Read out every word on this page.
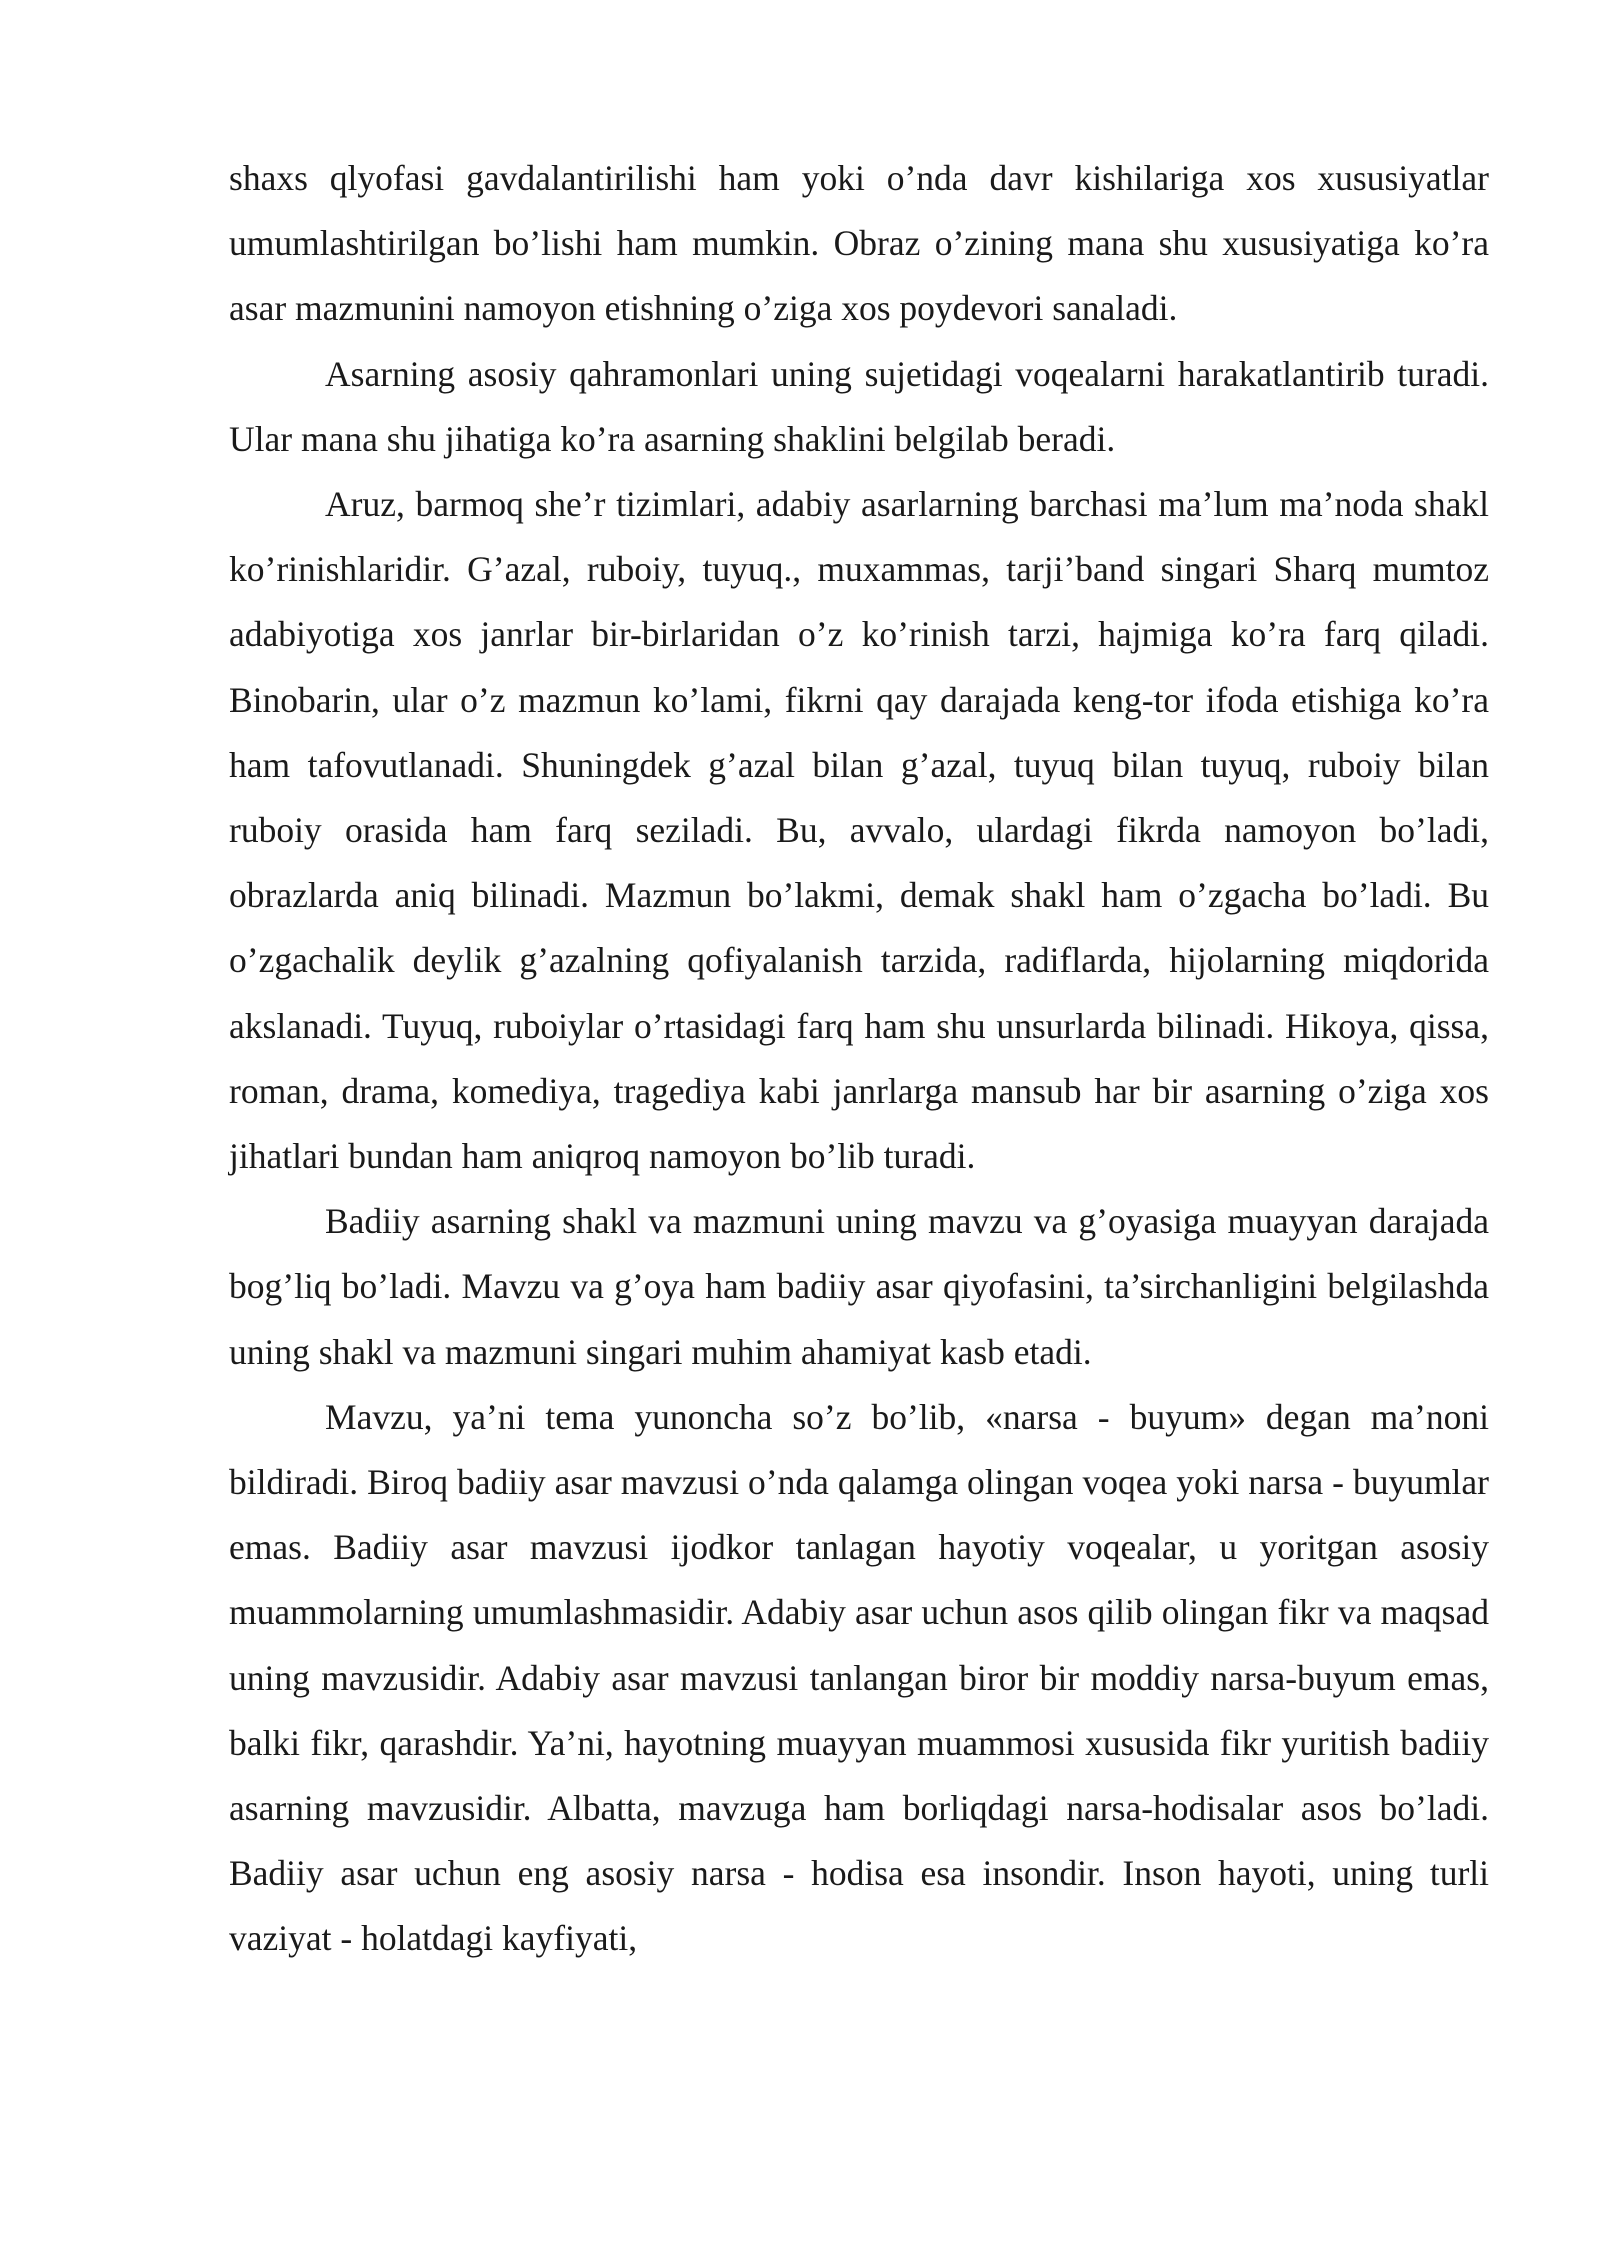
shaxs qlyofasi gavdalantirilishi ham yoki o’nda davr kishilariga xos xususiyatlar umumlashtirilgan bo’lishi ham mumkin. Obraz o’zining mana shu xususiyatiga ko’ra asar mazmunini namoyon etishning o’ziga xos poydevori sanaladi.

Asarning asosiy qahramonlari uning sujetidagi voqealarni harakatlantirib turadi. Ular mana shu jihatiga ko’ra asarning shaklini belgilab beradi.

Aruz, barmoq she’r tizimlari, adabiy asarlarning barchasi ma’lum ma’noda shakl ko’rinishlaridir. G’azal, ruboiy, tuyuq., muxammas, tarji’band singari Sharq mumtoz adabiyotiga xos janrlar bir-birlaridan o’z ko’rinish tarzi, hajmiga ko’ra farq qiladi. Binobarin, ular o’z mazmun ko’lami, fikrni qay darajada keng-tor ifoda etishiga ko’ra ham tafovutlanadi. Shuningdek g’azal bilan g’azal, tuyuq bilan tuyuq, ruboiy bilan ruboiy orasida ham farq seziladi. Bu, avvalo, ulardagi fikrda namoyon bo’ladi, obrazlarda aniq bilinadi. Mazmun bo’lakmi, demak shakl ham o’zgacha bo’ladi. Bu o’zgachalik deylik g’azalning qofiyalanish tarzida, radiflarda, hijolarning miqdorida akslanadi. Tuyuq, ruboiylar o’rtasidagi farq ham shu unsurlarda bilinadi. Hikoya, qissa, roman, drama, komediya, tragediya kabi janrlarga mansub har bir asarning o’ziga xos jihatlari bundan ham aniqroq namoyon bo’lib turadi.

Badiiy asarning shakl va mazmuni uning mavzu va g’oyasiga muayyan darajada bog’liq bo’ladi. Mavzu va g’oya ham badiiy asar qiyofasini, ta’sirchanligini belgilashda uning shakl va mazmuni singari muhim ahamiyat kasb etadi.

Mavzu, ya’ni tema yunoncha so’z bo’lib, «narsa - buyum» degan ma’noni bildiradi. Biroq badiiy asar mavzusi o’nda qalamga olingan voqea yoki narsa - buyumlar emas. Badiiy asar mavzusi ijodkor tanlagan hayotiy voqealar, u yoritgan asosiy muammolarning umumlashmasidir. Adabiy asar uchun asos qilib olingan fikr va maqsad uning mavzusidir. Adabiy asar mavzusi tanlangan biror bir moddiy narsa-buyum emas, balki fikr, qarashdir. Ya’ni, hayotning muayyan muammosi xususida fikr yuritish badiiy asarning mavzusidir. Albatta, mavzuga ham borliqdagi narsa-hodisalar asos bo’ladi. Badiiy asar uchun eng asosiy narsa - hodisa esa insondir. Inson hayoti, uning turli vaziyat - holatdagi kayfiyati,
